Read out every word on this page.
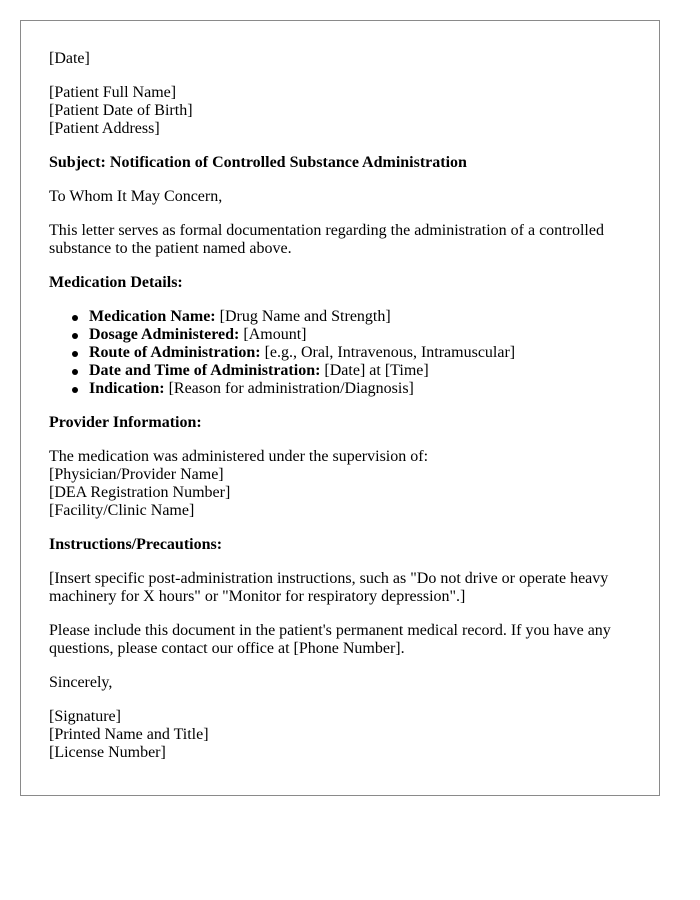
[Date]
[Patient Full Name]
[Patient Date of Birth]
[Patient Address]
Subject: Notification of Controlled Substance Administration
To Whom It May Concern,
This letter serves as formal documentation regarding the administration of a controlled substance to the patient named above.
Medication Details:
Medication Name: [Drug Name and Strength]
Dosage Administered: [Amount]
Route of Administration: [e.g., Oral, Intravenous, Intramuscular]
Date and Time of Administration: [Date] at [Time]
Indication: [Reason for administration/Diagnosis]
Provider Information:
The medication was administered under the supervision of:
[Physician/Provider Name]
[DEA Registration Number]
[Facility/Clinic Name]
Instructions/Precautions:
[Insert specific post-administration instructions, such as "Do not drive or operate heavy machinery for X hours" or "Monitor for respiratory depression".]
Please include this document in the patient's permanent medical record. If you have any questions, please contact our office at [Phone Number].
Sincerely,
[Signature]
[Printed Name and Title]
[License Number]
